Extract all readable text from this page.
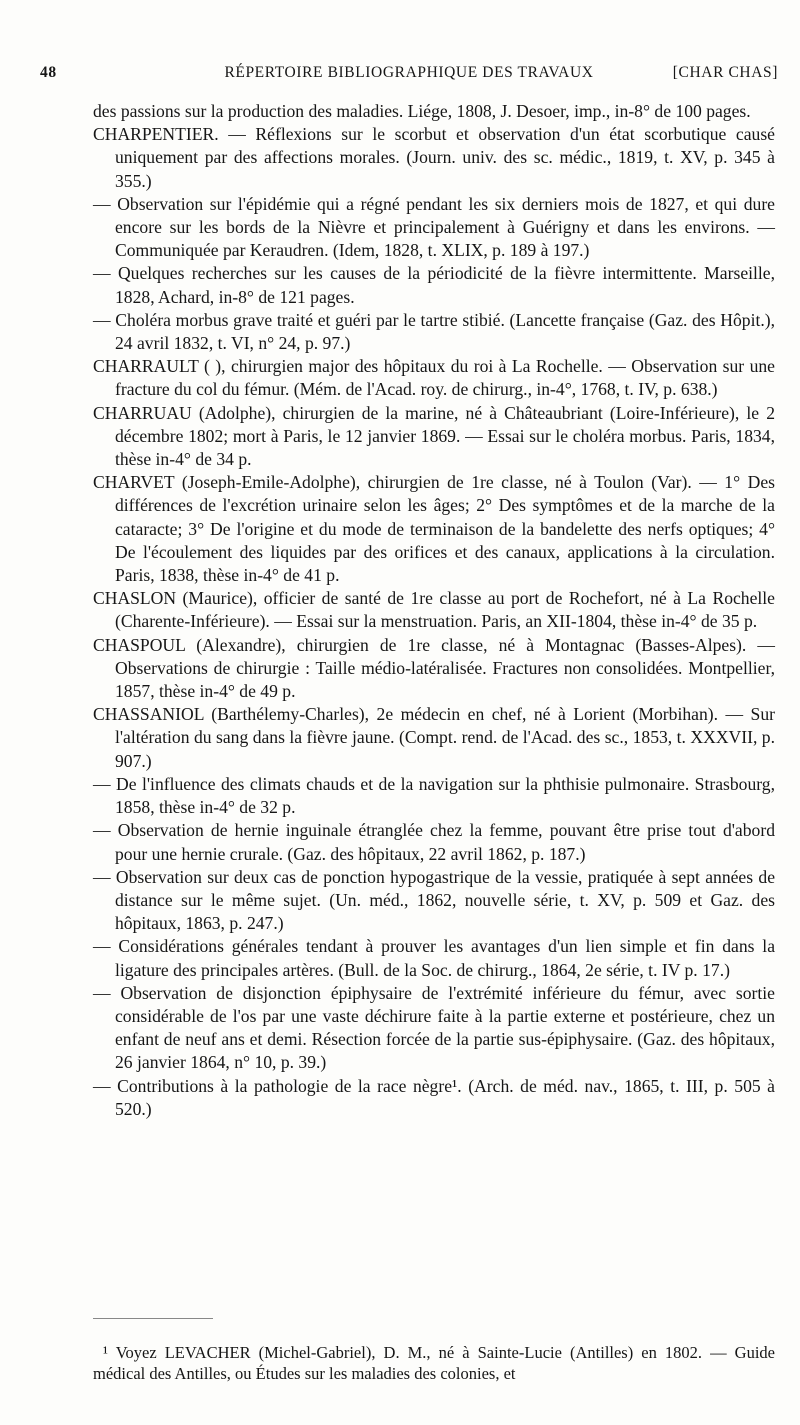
48	RÉPERTOIRE BIBLIOGRAPHIQUE DES TRAVAUX	[CHAR CHAS]

des passions sur la production des maladies. Liége, 1808, J. Desoer, imp., in-8° de 100 pages.

CHARPENTIER. — Réflexions sur le scorbut et observation d'un état scorbutique causé uniquement par des affections morales. (Journ. univ. des sc. médic., 1819, t. XV, p. 345 à 355.)

— Observation sur l'épidémie qui a régné pendant les six derniers mois de 1827, et qui dure encore sur les bords de la Nièvre et principalement à Guérigny et dans les environs. — Communiquée par Keraudren. (Idem, 1828, t. XLIX, p. 189 à 197.)

— Quelques recherches sur les causes de la périodicité de la fièvre intermittente. Marseille, 1828, Achard, in-8° de 121 pages.

— Choléra morbus grave traité et guéri par le tartre stibié. (Lancette française (Gaz. des Hôpit.), 24 avril 1832, t. VI, n° 24, p. 97.)

CHARRAULT ( ), chirurgien major des hôpitaux du roi à La Rochelle. — Observation sur une fracture du col du fémur. (Mém. de l'Acad. roy. de chirurg., in-4°, 1768, t. IV, p. 638.)

CHARRUAU (Adolphe), chirurgien de la marine, né à Châteaubriant (Loire-Inférieure), le 2 décembre 1802; mort à Paris, le 12 janvier 1869. — Essai sur le choléra morbus. Paris, 1834, thèse in-4° de 34 p.

CHARVET (Joseph-Emile-Adolphe), chirurgien de 1re classe, né à Toulon (Var). — 1° Des différences de l'excrétion urinaire selon les âges; 2° Des symptômes et de la marche de la cataracte; 3° De l'origine et du mode de terminaison de la bandelette des nerfs optiques; 4° De l'écoulement des liquides par des orifices et des canaux, applications à la circulation. Paris, 1838, thèse in-4° de 41 p.

CHASLON (Maurice), officier de santé de 1re classe au port de Rochefort, né à La Rochelle (Charente-Inférieure). — Essai sur la menstruation. Paris, an XII-1804, thèse in-4° de 35 p.

CHASPOUL (Alexandre), chirurgien de 1re classe, né à Montagnac (Basses-Alpes). — Observations de chirurgie : Taille médio-latéralisée. Fractures non consolidées. Montpellier, 1857, thèse in-4° de 49 p.

CHASSANIOL (Barthélemy-Charles), 2e médecin en chef, né à Lorient (Morbihan). — Sur l'altération du sang dans la fièvre jaune. (Compt. rend. de l'Acad. des sc., 1853, t. XXXVII, p. 907.)

— De l'influence des climats chauds et de la navigation sur la phthisie pulmonaire. Strasbourg, 1858, thèse in-4° de 32 p.

— Observation de hernie inguinale étranglée chez la femme, pouvant être prise tout d'abord pour une hernie crurale. (Gaz. des hôpitaux, 22 avril 1862, p. 187.)

— Observation sur deux cas de ponction hypogastrique de la vessie, pratiquée à sept années de distance sur le même sujet. (Un. méd., 1862, nouvelle série, t. XV, p. 509 et Gaz. des hôpitaux, 1863, p. 247.)

— Considérations générales tendant à prouver les avantages d'un lien simple et fin dans la ligature des principales artères. (Bull. de la Soc. de chirurg., 1864, 2e série, t. IV p. 17.)

— Observation de disjonction épiphysaire de l'extrémité inférieure du fémur, avec sortie considérable de l'os par une vaste déchirure faite à la partie externe et postérieure, chez un enfant de neuf ans et demi. Résection forcée de la partie sus-épiphysaire. (Gaz. des hôpitaux, 26 janvier 1864, n° 10, p. 39.)

— Contributions à la pathologie de la race nègre¹. (Arch. de méd. nav., 1865, t. III, p. 505 à 520.)

¹ Voyez LEVACHER (Michel-Gabriel), D. M., né à Sainte-Lucie (Antilles) en 1802. — Guide médical des Antilles, ou Études sur les maladies des colonies, et
